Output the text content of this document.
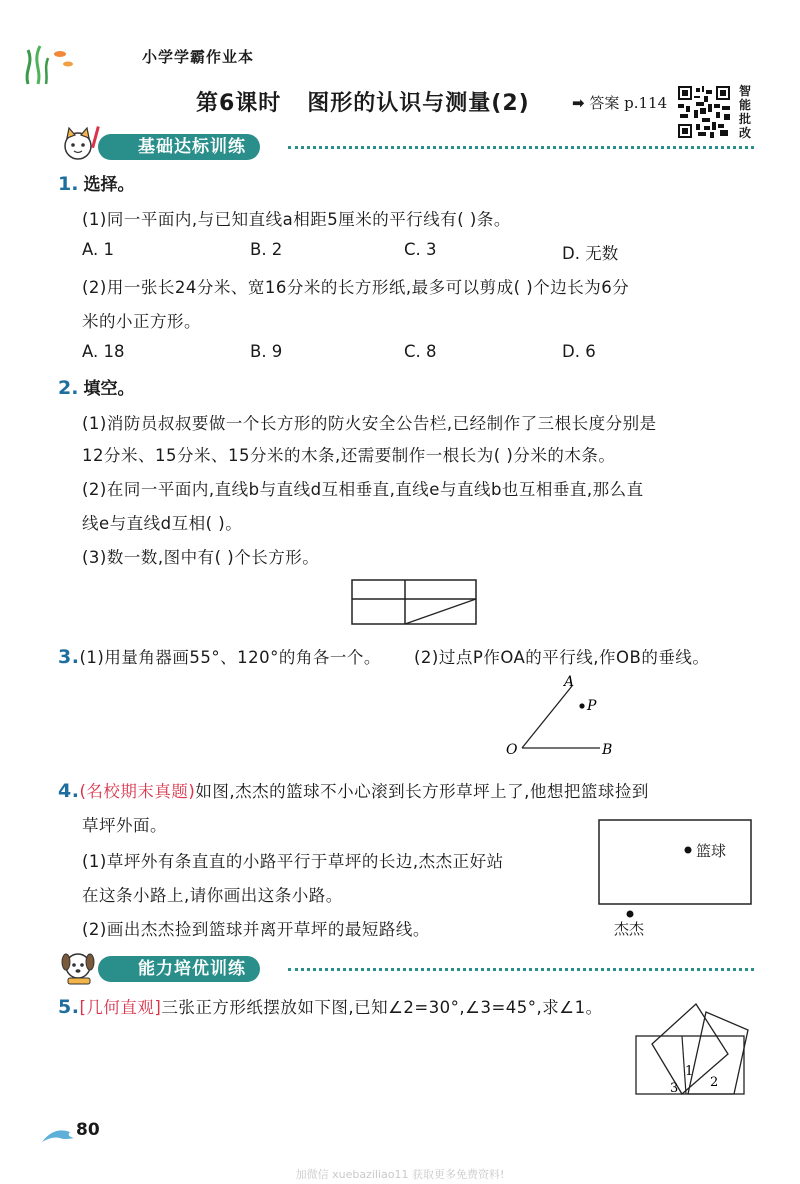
小学学霸作业本
第6课时   图形的认识与测量(2)	➡ 答案 p.114
智能批改
基础达标训练
1. 选择。
(1)同一平面内,与已知直线a相距5厘米的平行线有( )条。
A. 1	B. 2	C. 3	D. 无数
(2)用一张长24分米、宽16分米的长方形纸,最多可以剪成( )个边长为6分
米的小正方形。
A. 18	B. 9	C. 8	D. 6
2. 填空。
(1)消防员叔叔要做一个长方形的防火安全公告栏,已经制作了三根长度分别是
12分米、15分米、15分米的木条,还需要制作一根长为( )分米的木条。
(2)在同一平面内,直线b与直线d互相垂直,直线e与直线b也互相垂直,那么直
线e与直线d互相( )。
(3)数一数,图中有( )个长方形。
3.(1)用量角器画55°、120°的角各一个。 (2)过点P作OA的平行线,作OB的垂线。
A
P
O	B
4.(名校期末真题)如图,杰杰的篮球不小心滚到长方形草坪上了,他想把篮球捡到
草坪外面。
(1)草坪外有条直直的小路平行于草坪的长边,杰杰正好站
在这条小路上,请你画出这条小路。
(2)画出杰杰捡到篮球并离开草坪的最短路线。
篮球
杰杰
能力培优训练
5.[几何直观]三张正方形纸摆放如下图,已知∠2=30°,∠3=45°,求∠1。
1
2
3
80
加微信 xuebaziliao11 获取更多免费资料!
